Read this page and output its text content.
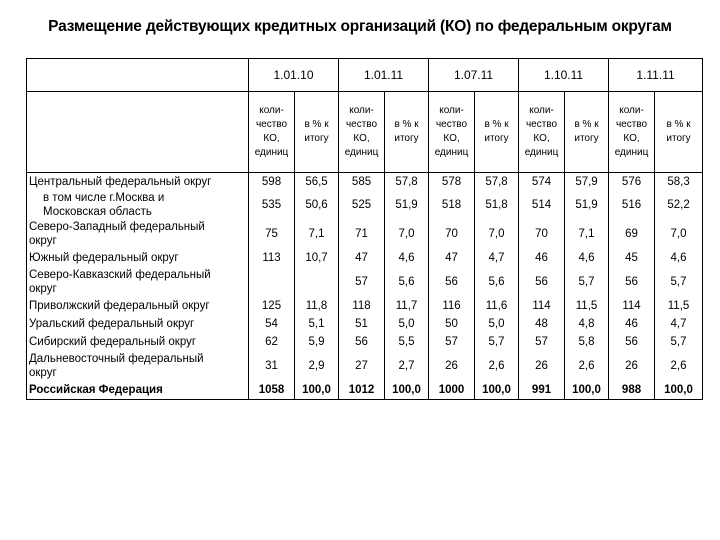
Размещение действующих кредитных организаций (КО) по федеральным округам
	1.01.10		1.01.11		1.07.11		1.10.11		1.11.11	
	коли-
чество
КО,
единиц	в % к
итогу	коли-
чество
КО,
единиц	в % к
итогу	коли-
чество
КО,
единиц	в % к
итогу	коли-
чество
КО,
единиц	в % к
итогу	коли-
чество
КО,
единиц	в % к
итогу
Центральный федеральный округ	598	56,5	585	57,8	578	57,8	574	57,9	576	58,3
в том числе г.Москва и
Московская область	535	50,6	525	51,9	518	51,8	514	51,9	516	52,2
Северо-Западный федеральный
округ	75	7,1	71	7,0	70	7,0	70	7,1	69	7,0
Южный федеральный округ	113	10,7	47	4,6	47	4,7	46	4,6	45	4,6
Северо-Кавказский федеральный
округ			57	5,6	56	5,6	56	5,7	56	5,7
Приволжский федеральный округ	125	11,8	118	11,7	116	11,6	114	11,5	114	11,5
Уральский федеральный округ	54	5,1	51	5,0	50	5,0	48	4,8	46	4,7
Сибирский федеральный округ	62	5,9	56	5,5	57	5,7	57	5,8	56	5,7
Дальневосточный федеральный
округ	31	2,9	27	2,7	26	2,6	26	2,6	26	2,6
Российская Федерация	1058	100,0	1012	100,0	1000	100,0	991	100,0	988	100,0
